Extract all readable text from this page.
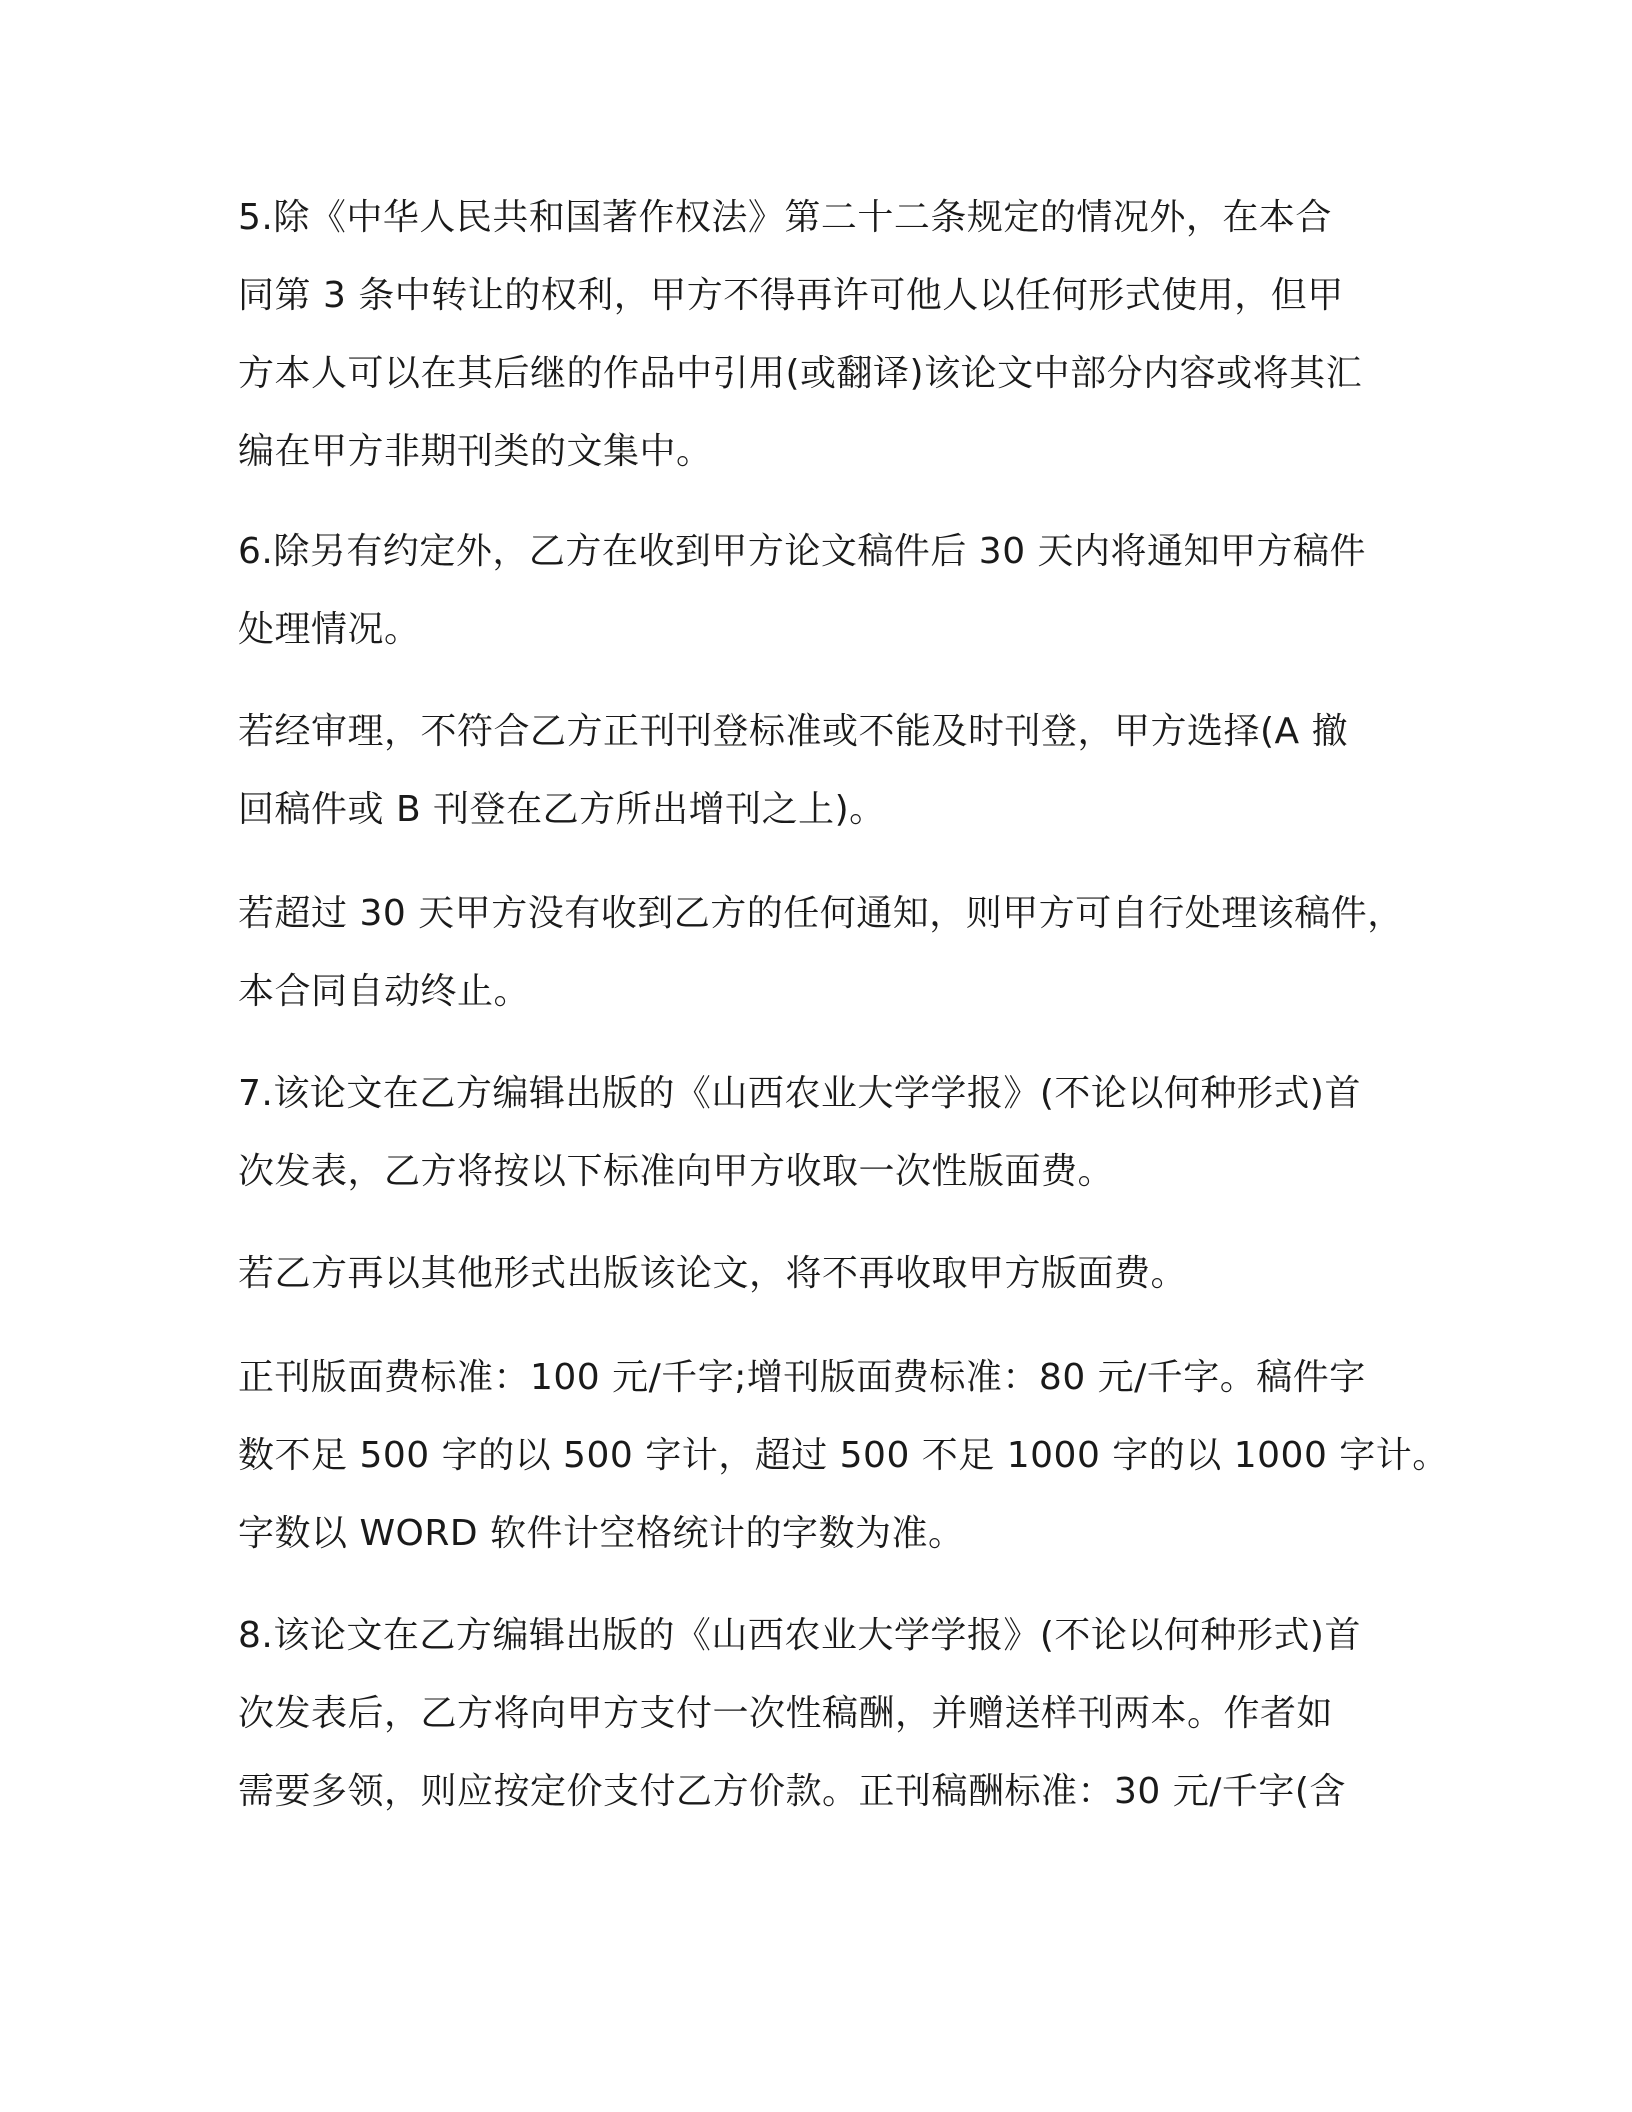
5.除《中华人民共和国著作权法》第二十二条规定的情况外，在本合
同第 3 条中转让的权利，甲方不得再许可他人以任何形式使用，但甲
方本人可以在其后继的作品中引用(或翻译)该论文中部分内容或将其汇
编在甲方非期刊类的文集中。
6.除另有约定外，乙方在收到甲方论文稿件后 30 天内将通知甲方稿件
处理情况。
若经审理，不符合乙方正刊刊登标准或不能及时刊登，甲方选择(A 撤
回稿件或 B 刊登在乙方所出增刊之上)。
若超过 30 天甲方没有收到乙方的任何通知，则甲方可自行处理该稿件，
本合同自动终止。
7.该论文在乙方编辑出版的《山西农业大学学报》(不论以何种形式)首
次发表，乙方将按以下标准向甲方收取一次性版面费。
若乙方再以其他形式出版该论文，将不再收取甲方版面费。
正刊版面费标准：100 元/千字;增刊版面费标准：80 元/千字。稿件字
数不足 500 字的以 500 字计，超过 500 不足 1000 字的以 1000 字计。
字数以 WORD 软件计空格统计的字数为准。
8.该论文在乙方编辑出版的《山西农业大学学报》(不论以何种形式)首
次发表后，乙方将向甲方支付一次性稿酬，并赠送样刊两本。作者如
需要多领，则应按定价支付乙方价款。正刊稿酬标准：30 元/千字(含
